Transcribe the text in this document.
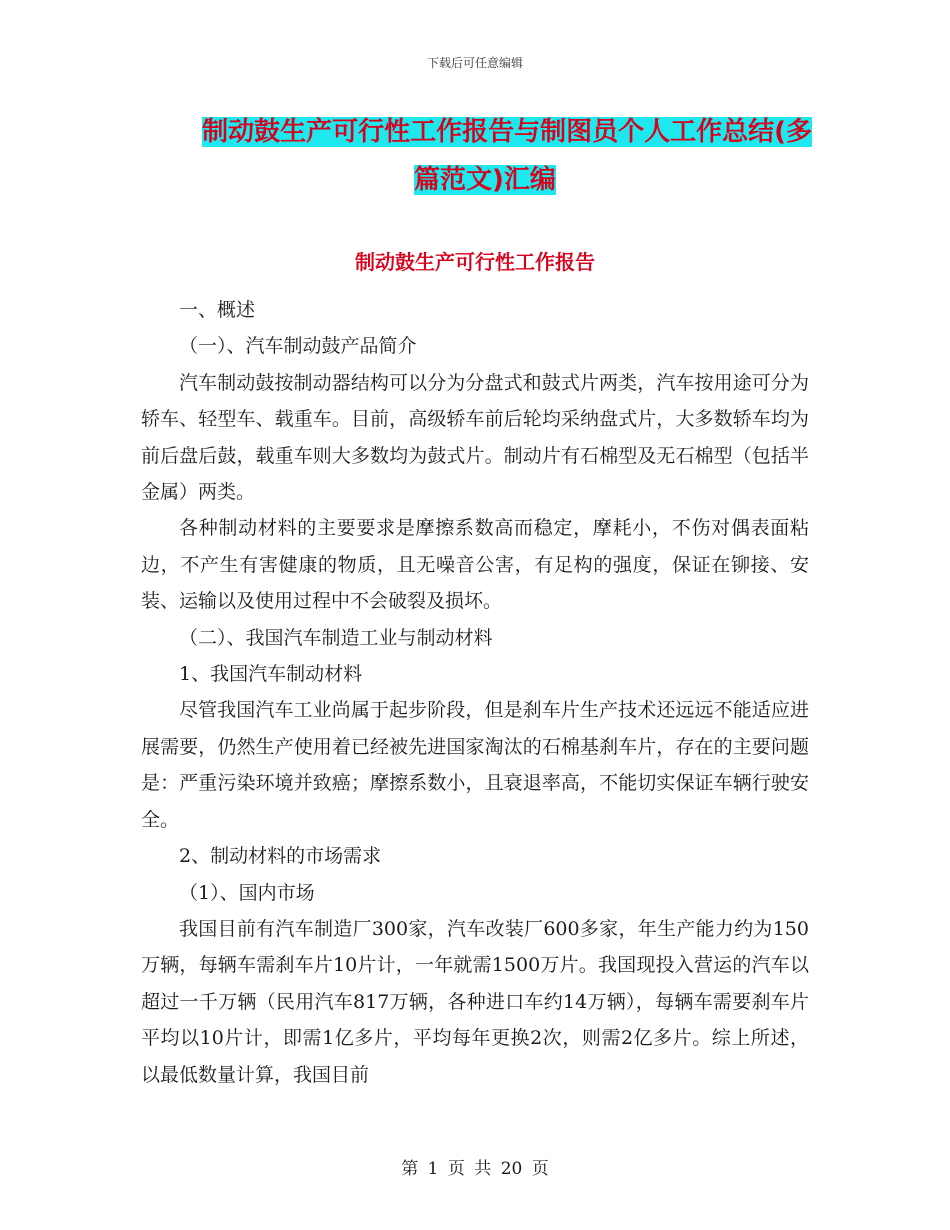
下载后可任意编辑
制动鼓生产可行性工作报告与制图员个人工作总结(多
篇范文)汇编
制动鼓生产可行性工作报告

一、概述

（一）、汽车制动鼓产品简介

汽车制动鼓按制动器结构可以分为分盘式和鼓式片两类，汽车按用途可分为轿车、轻型车、载重车。目前，高级轿车前后轮均采纳盘式片，大多数轿车均为前后盘后鼓，载重车则大多数均为鼓式片。制动片有石棉型及无石棉型（包括半金属）两类。

各种制动材料的主要要求是摩擦系数高而稳定，摩耗小，不伤对偶表面粘边，不产生有害健康的物质，且无噪音公害，有足构的强度，保证在铆接、安装、运输以及使用过程中不会破裂及损坏。

（二）、我国汽车制造工业与制动材料

1、我国汽车制动材料

尽管我国汽车工业尚属于起步阶段，但是刹车片生产技术还远远不能适应进展需要，仍然生产使用着已经被先进国家淘汰的石棉基刹车片，存在的主要问题是：严重污染环境并致癌；摩擦系数小，且衰退率高，不能切实保证车辆行驶安全。

2、制动材料的市场需求

（1）、国内市场

我国目前有汽车制造厂300家，汽车改装厂600多家，年生产能力约为150万辆，每辆车需刹车片10片计，一年就需1500万片。我国现投入营运的汽车以超过一千万辆（民用汽车817万辆，各种进口车约14万辆），每辆车需要刹车片平均以10片计，即需1亿多片，平均每年更换2次，则需2亿多片。综上所述，以最低数量计算，我国目前

第 1 页 共 20 页
